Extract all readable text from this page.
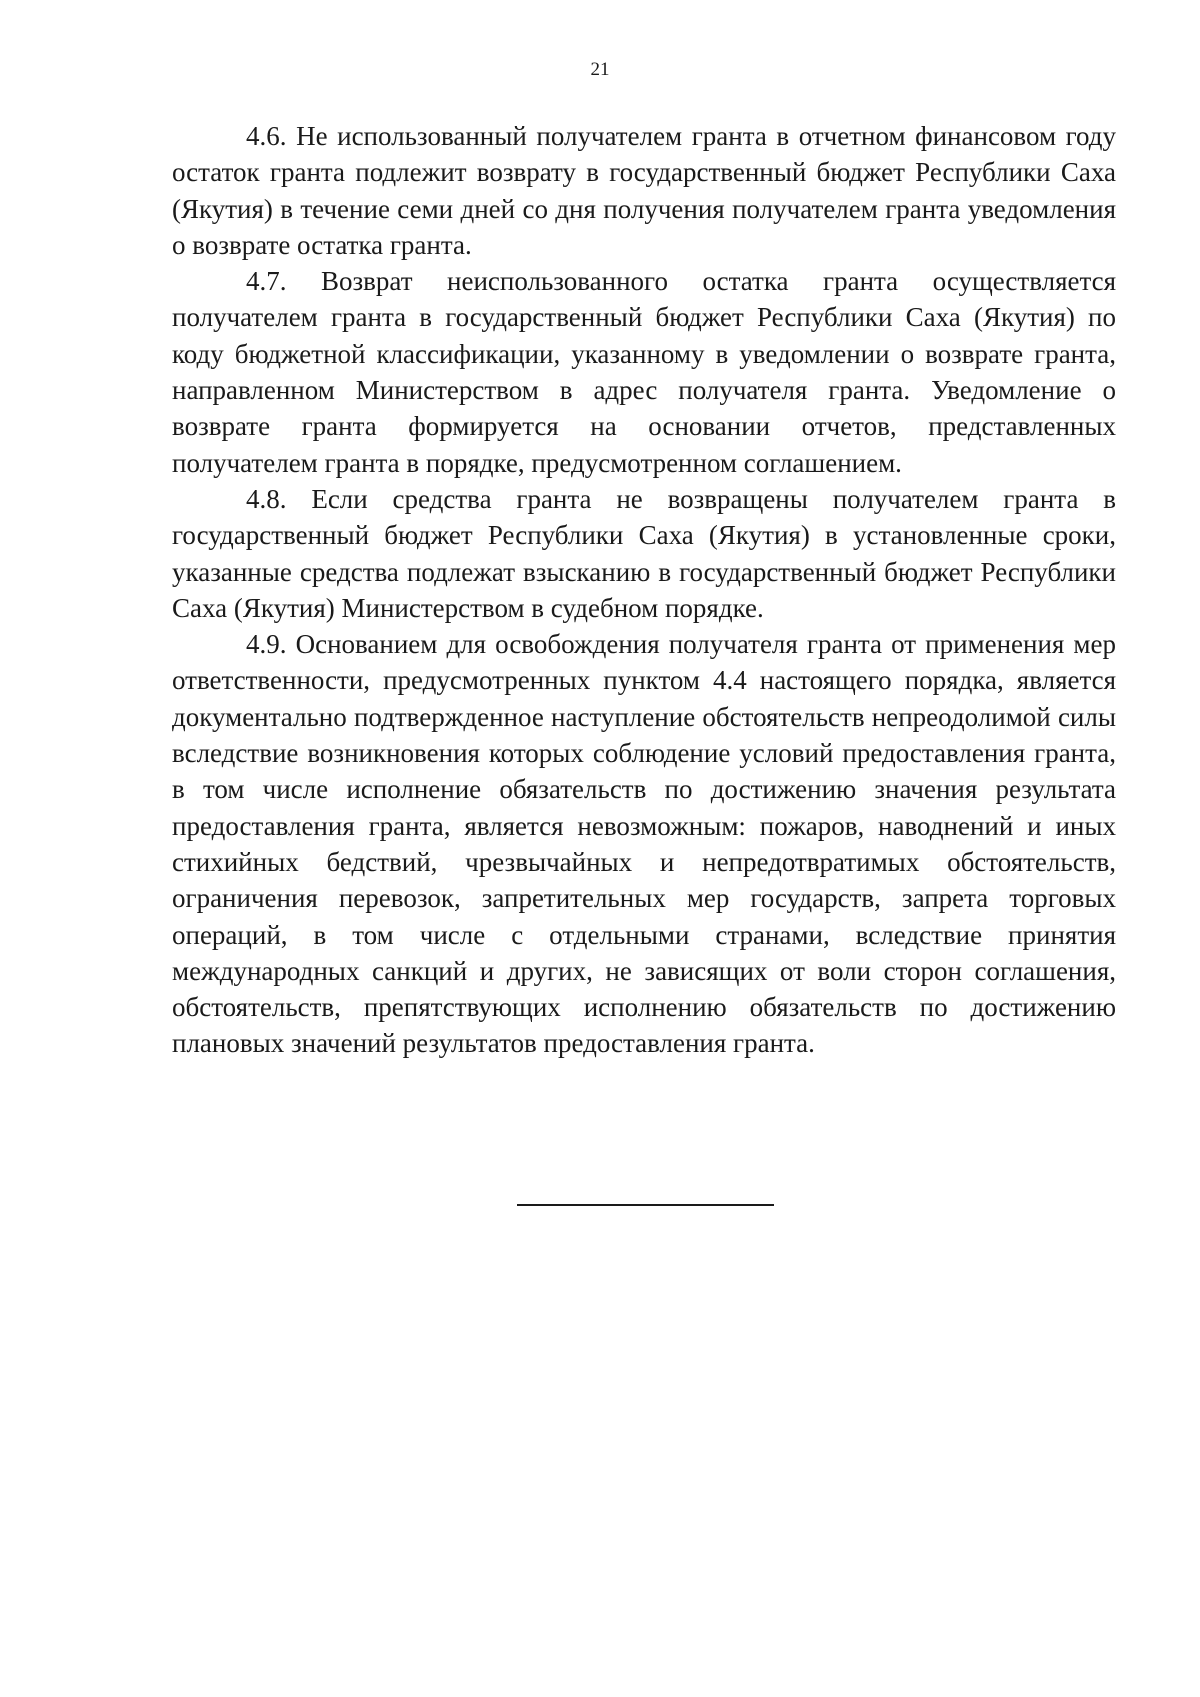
21

4.6. Не использованный получателем гранта в отчетном финансовом году остаток гранта подлежит возврату в государственный бюджет Республики Саха (Якутия) в течение семи дней со дня получения получателем гранта уведомления о возврате остатка гранта.

4.7. Возврат неиспользованного остатка гранта осуществляется получателем гранта в государственный бюджет Республики Саха (Якутия) по коду бюджетной классификации, указанному в уведомлении о возврате гранта, направленном Министерством в адрес получателя гранта. Уведомление о возврате гранта формируется на основании отчетов, представленных получателем гранта в порядке, предусмотренном соглашением.

4.8. Если средства гранта не возвращены получателем гранта в государственный бюджет Республики Саха (Якутия) в установленные сроки, указанные средства подлежат взысканию в государственный бюджет Республики Саха (Якутия) Министерством в судебном порядке.

4.9. Основанием для освобождения получателя гранта от применения мер ответственности, предусмотренных пунктом 4.4 настоящего порядка, является документально подтвержденное наступление обстоятельств непреодолимой силы вследствие возникновения которых соблюдение условий предоставления гранта, в том числе исполнение обязательств по достижению значения результата предоставления гранта, является невозможным: пожаров, наводнений и иных стихийных бедствий, чрезвычайных и непредотвратимых обстоятельств, ограничения перевозок, запретительных мер государств, запрета торговых операций, в том числе с отдельными странами, вследствие принятия международных санкций и других, не зависящих от воли сторон соглашения, обстоятельств, препятствующих исполнению обязательств по достижению плановых значений результатов предоставления гранта.
